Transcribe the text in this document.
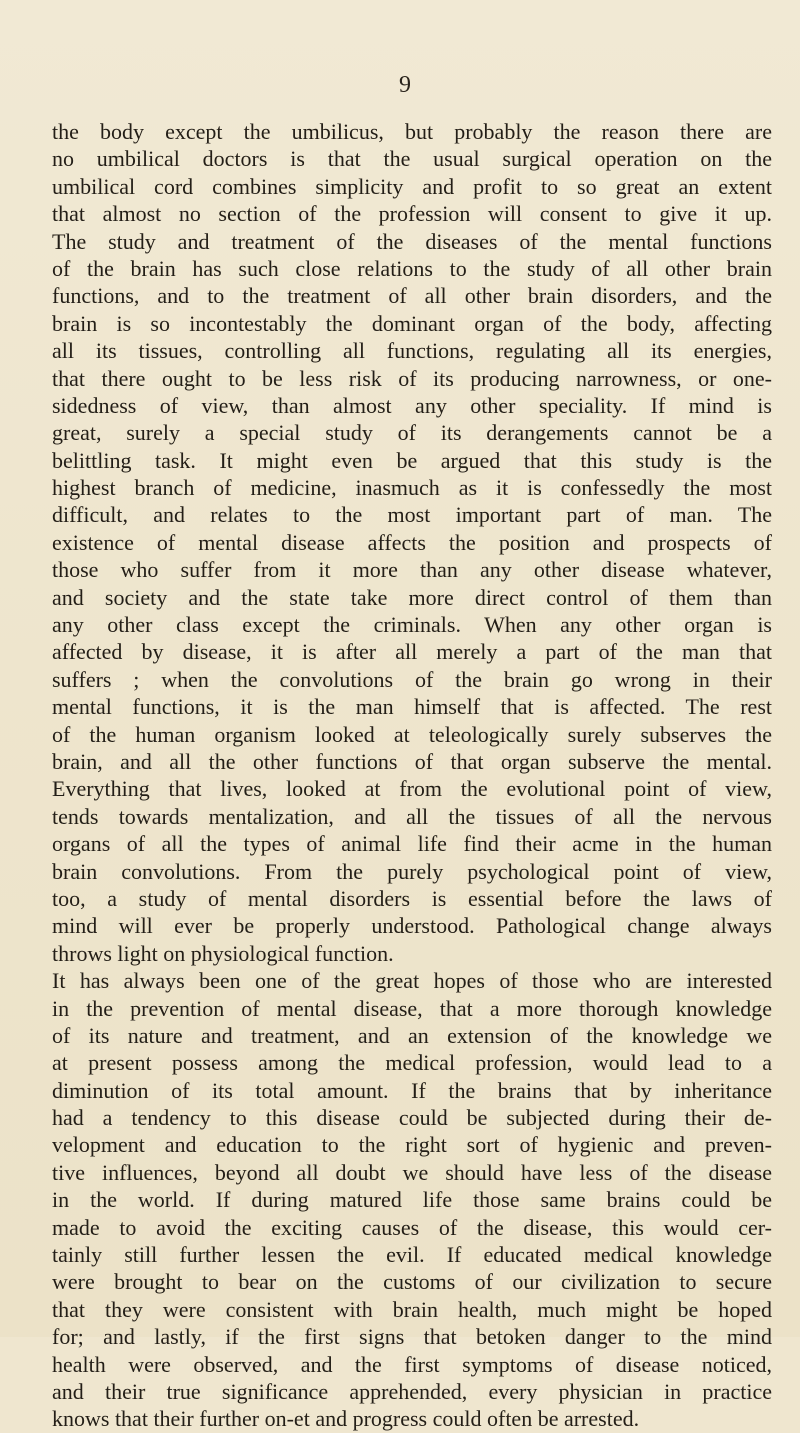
9
the body except the umbilicus, but probably the reason there are
no umbilical doctors is that the usual surgical operation on the
umbilical cord combines simplicity and profit to so great an extent
that almost no section of the profession will consent to give it up.
The study and treatment of the diseases of the mental functions
of the brain has such close relations to the study of all other brain
functions, and to the treatment of all other brain disorders, and the
brain is so incontestably the dominant organ of the body, affecting
all its tissues, controlling all functions, regulating all its energies,
that there ought to be less risk of its producing narrowness, or one-
sidedness of view, than almost any other speciality. If mind is
great, surely a special study of its derangements cannot be a
belittling task. It might even be argued that this study is the
highest branch of medicine, inasmuch as it is confessedly the most
difficult, and relates to the most important part of man. The
existence of mental disease affects the position and prospects of
those who suffer from it more than any other disease whatever,
and society and the state take more direct control of them than
any other class except the criminals. When any other organ is
affected by disease, it is after all merely a part of the man that
suffers ; when the convolutions of the brain go wrong in their
mental functions, it is the man himself that is affected. The rest
of the human organism looked at teleologically surely subserves the
brain, and all the other functions of that organ subserve the mental.
Everything that lives, looked at from the evolutional point of view,
tends towards mentalization, and all the tissues of all the nervous
organs of all the types of animal life find their acme in the human
brain convolutions. From the purely psychological point of view,
too, a study of mental disorders is essential before the laws of
mind will ever be properly understood. Pathological change always
throws light on physiological function.
It has always been one of the great hopes of those who are interested
in the prevention of mental disease, that a more thorough knowledge
of its nature and treatment, and an extension of the knowledge we
at present possess among the medical profession, would lead to a
diminution of its total amount. If the brains that by inheritance
had a tendency to this disease could be subjected during their de-
velopment and education to the right sort of hygienic and preven-
tive influences, beyond all doubt we should have less of the disease
in the world. If during matured life those same brains could be
made to avoid the exciting causes of the disease, this would cer-
tainly still further lessen the evil. If educated medical knowledge
were brought to bear on the customs of our civilization to secure
that they were consistent with brain health, much might be hoped
for; and lastly, if the first signs that betoken danger to the mind
health were observed, and the first symptoms of disease noticed,
and their true significance apprehended, every physician in practice
knows that their further on-et and progress could often be arrested.
